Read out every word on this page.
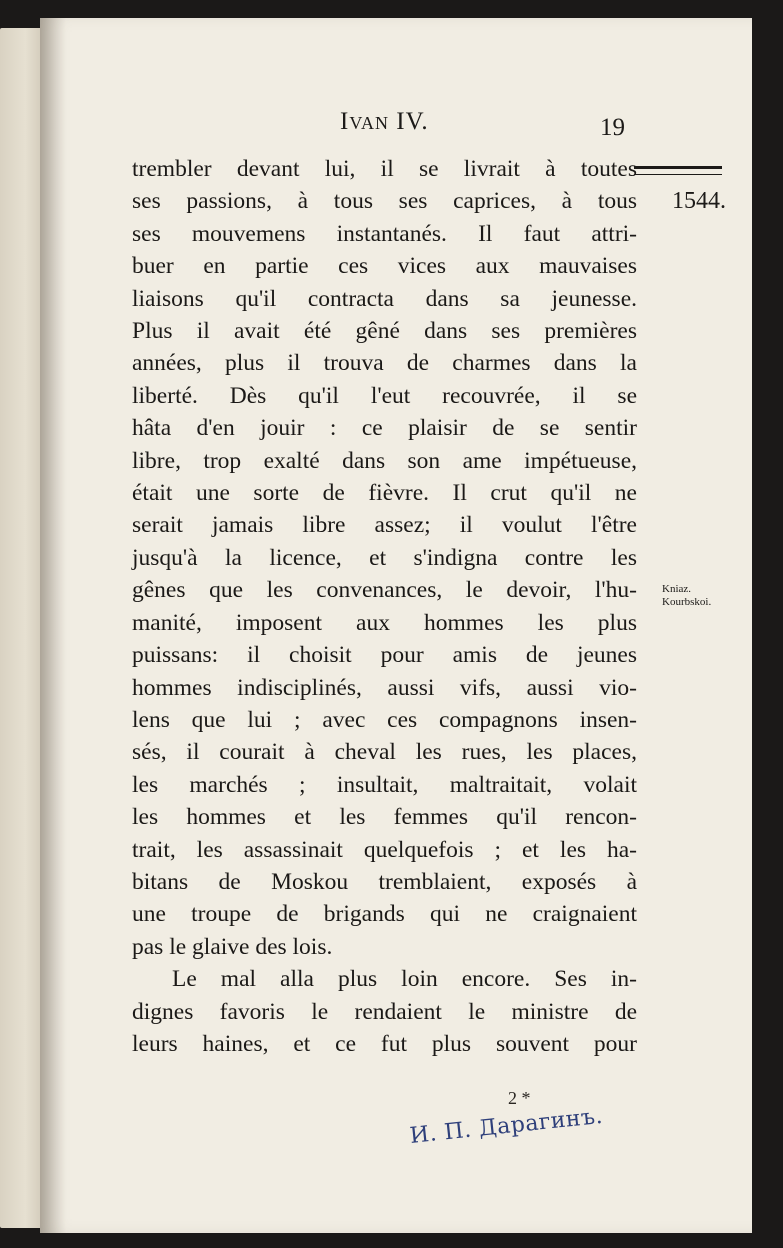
Ivan IV.	19
1544.
Kniaz.
Kourbskoi.
trembler devant lui, il se livrait à toutes
ses passions, à tous ses caprices, à tous
ses mouvemens instantanés. Il faut attri-
buer en partie ces vices aux mauvaises
liaisons qu'il contracta dans sa jeunesse.
Plus il avait été gêné dans ses premières
années, plus il trouva de charmes dans la
liberté. Dès qu'il l'eut recouvrée, il se
hâta d'en jouir : ce plaisir de se sentir
libre, trop exalté dans son ame impétueuse,
était une sorte de fièvre. Il crut qu'il ne
serait jamais libre assez; il voulut l'être
jusqu'à la licence, et s'indigna contre les
gênes que les convenances, le devoir, l'hu-
manité, imposent aux hommes les plus
puissans: il choisit pour amis de jeunes
hommes indisciplinés, aussi vifs, aussi vio-
lens que lui ; avec ces compagnons insen-
sés, il courait à cheval les rues, les places,
les marchés ; insultait, maltraitait, volait
les hommes et les femmes qu'il rencon-
trait, les assassinait quelquefois ; et les ha-
bitans de Moskou tremblaient, exposés à
une troupe de brigands qui ne craignaient
pas le glaive des lois.
Le mal alla plus loin encore. Ses in-
dignes favoris le rendaient le ministre de
leurs haines, et ce fut plus souvent pour
2 *
И. П. Дарагинъ.
